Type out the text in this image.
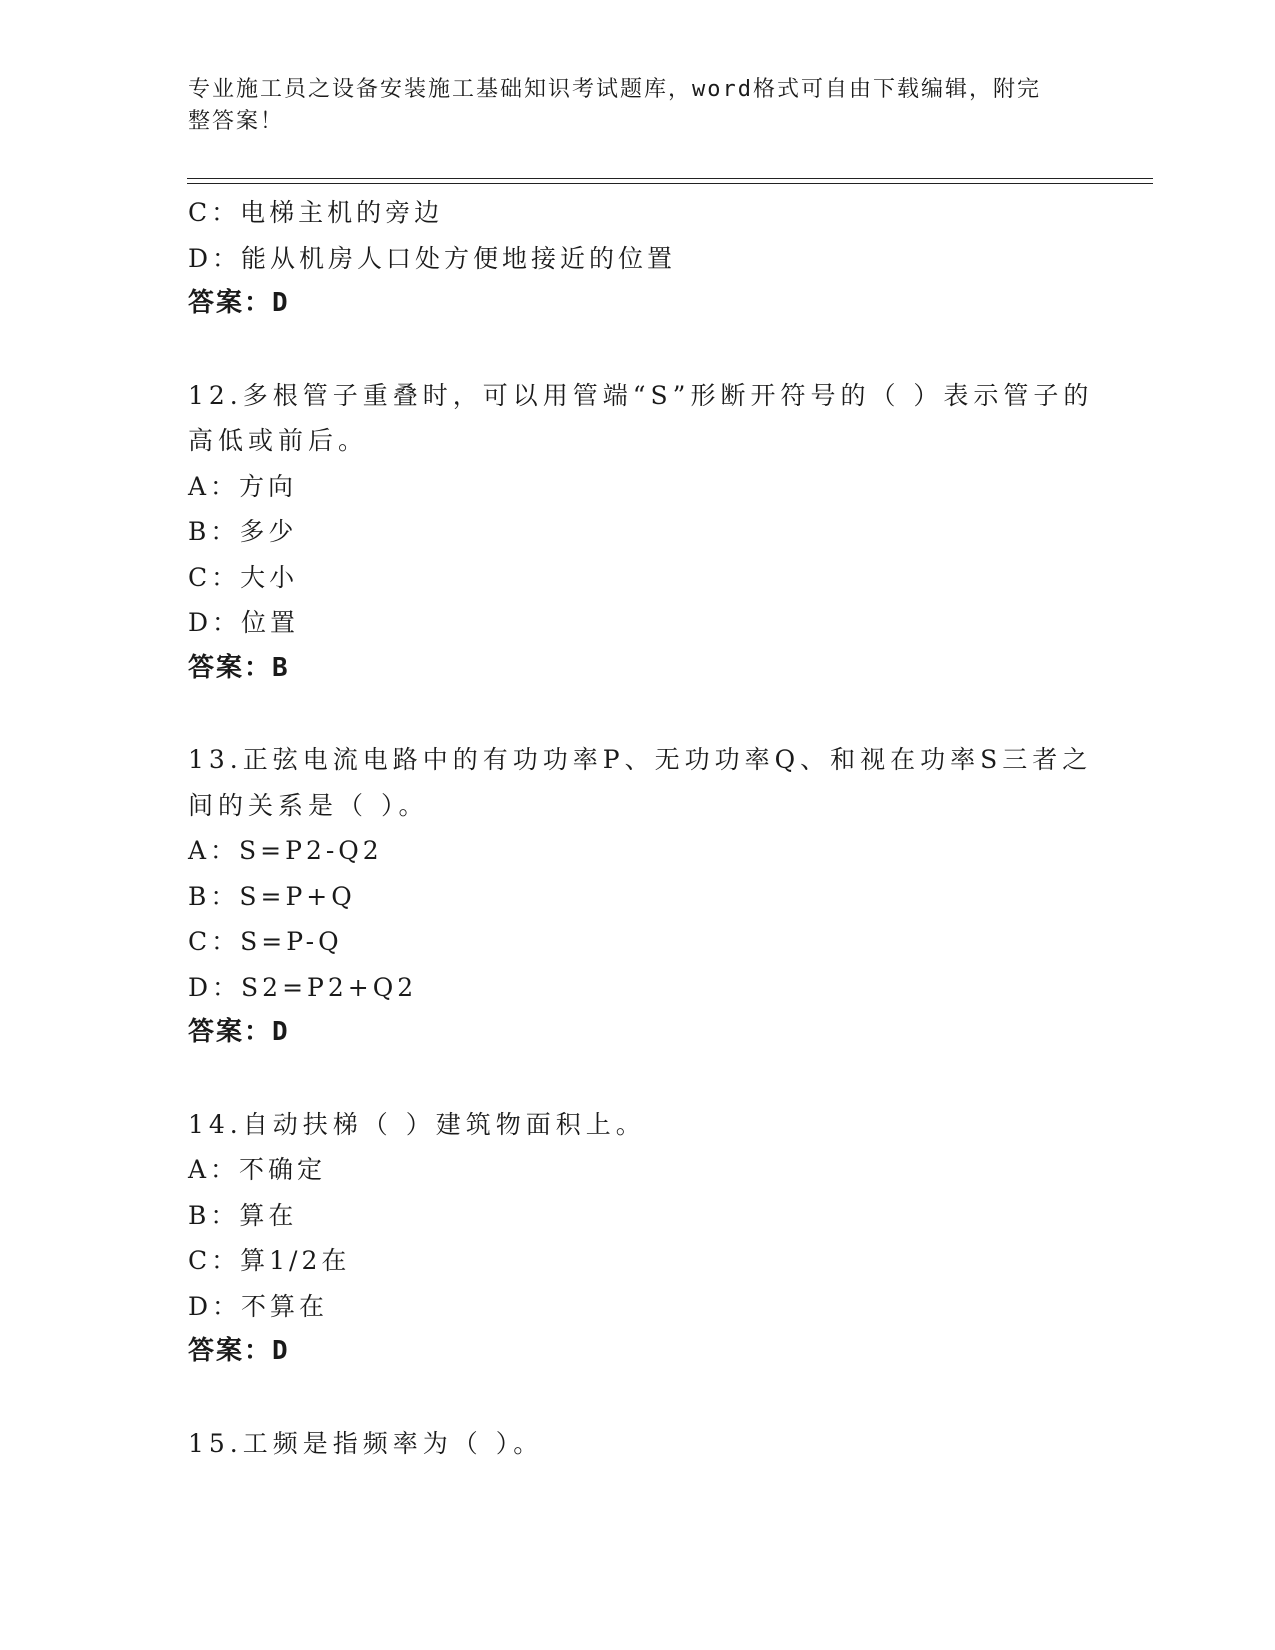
专业施工员之设备安装施工基础知识考试题库，word格式可自由下载编辑，附完
整答案！
C：电梯主机的旁边
D：能从机房人口处方便地接近的位置
答案：D
12.多根管子重叠时，可以用管端“S”形断开符号的（ ）表示管子的
高低或前后。
A：方向
B：多少
C：大小
D：位置
答案：B
13.正弦电流电路中的有功功率P、无功功率Q、和视在功率S三者之
间的关系是（ ）。
A：S=P2-Q2
B：S=P+Q
C：S=P-Q
D：S2=P2+Q2
答案：D
14.自动扶梯（ ）建筑物面积上。
A：不确定
B：算在
C：算1/2在
D：不算在
答案：D
15.工频是指频率为（ ）。
